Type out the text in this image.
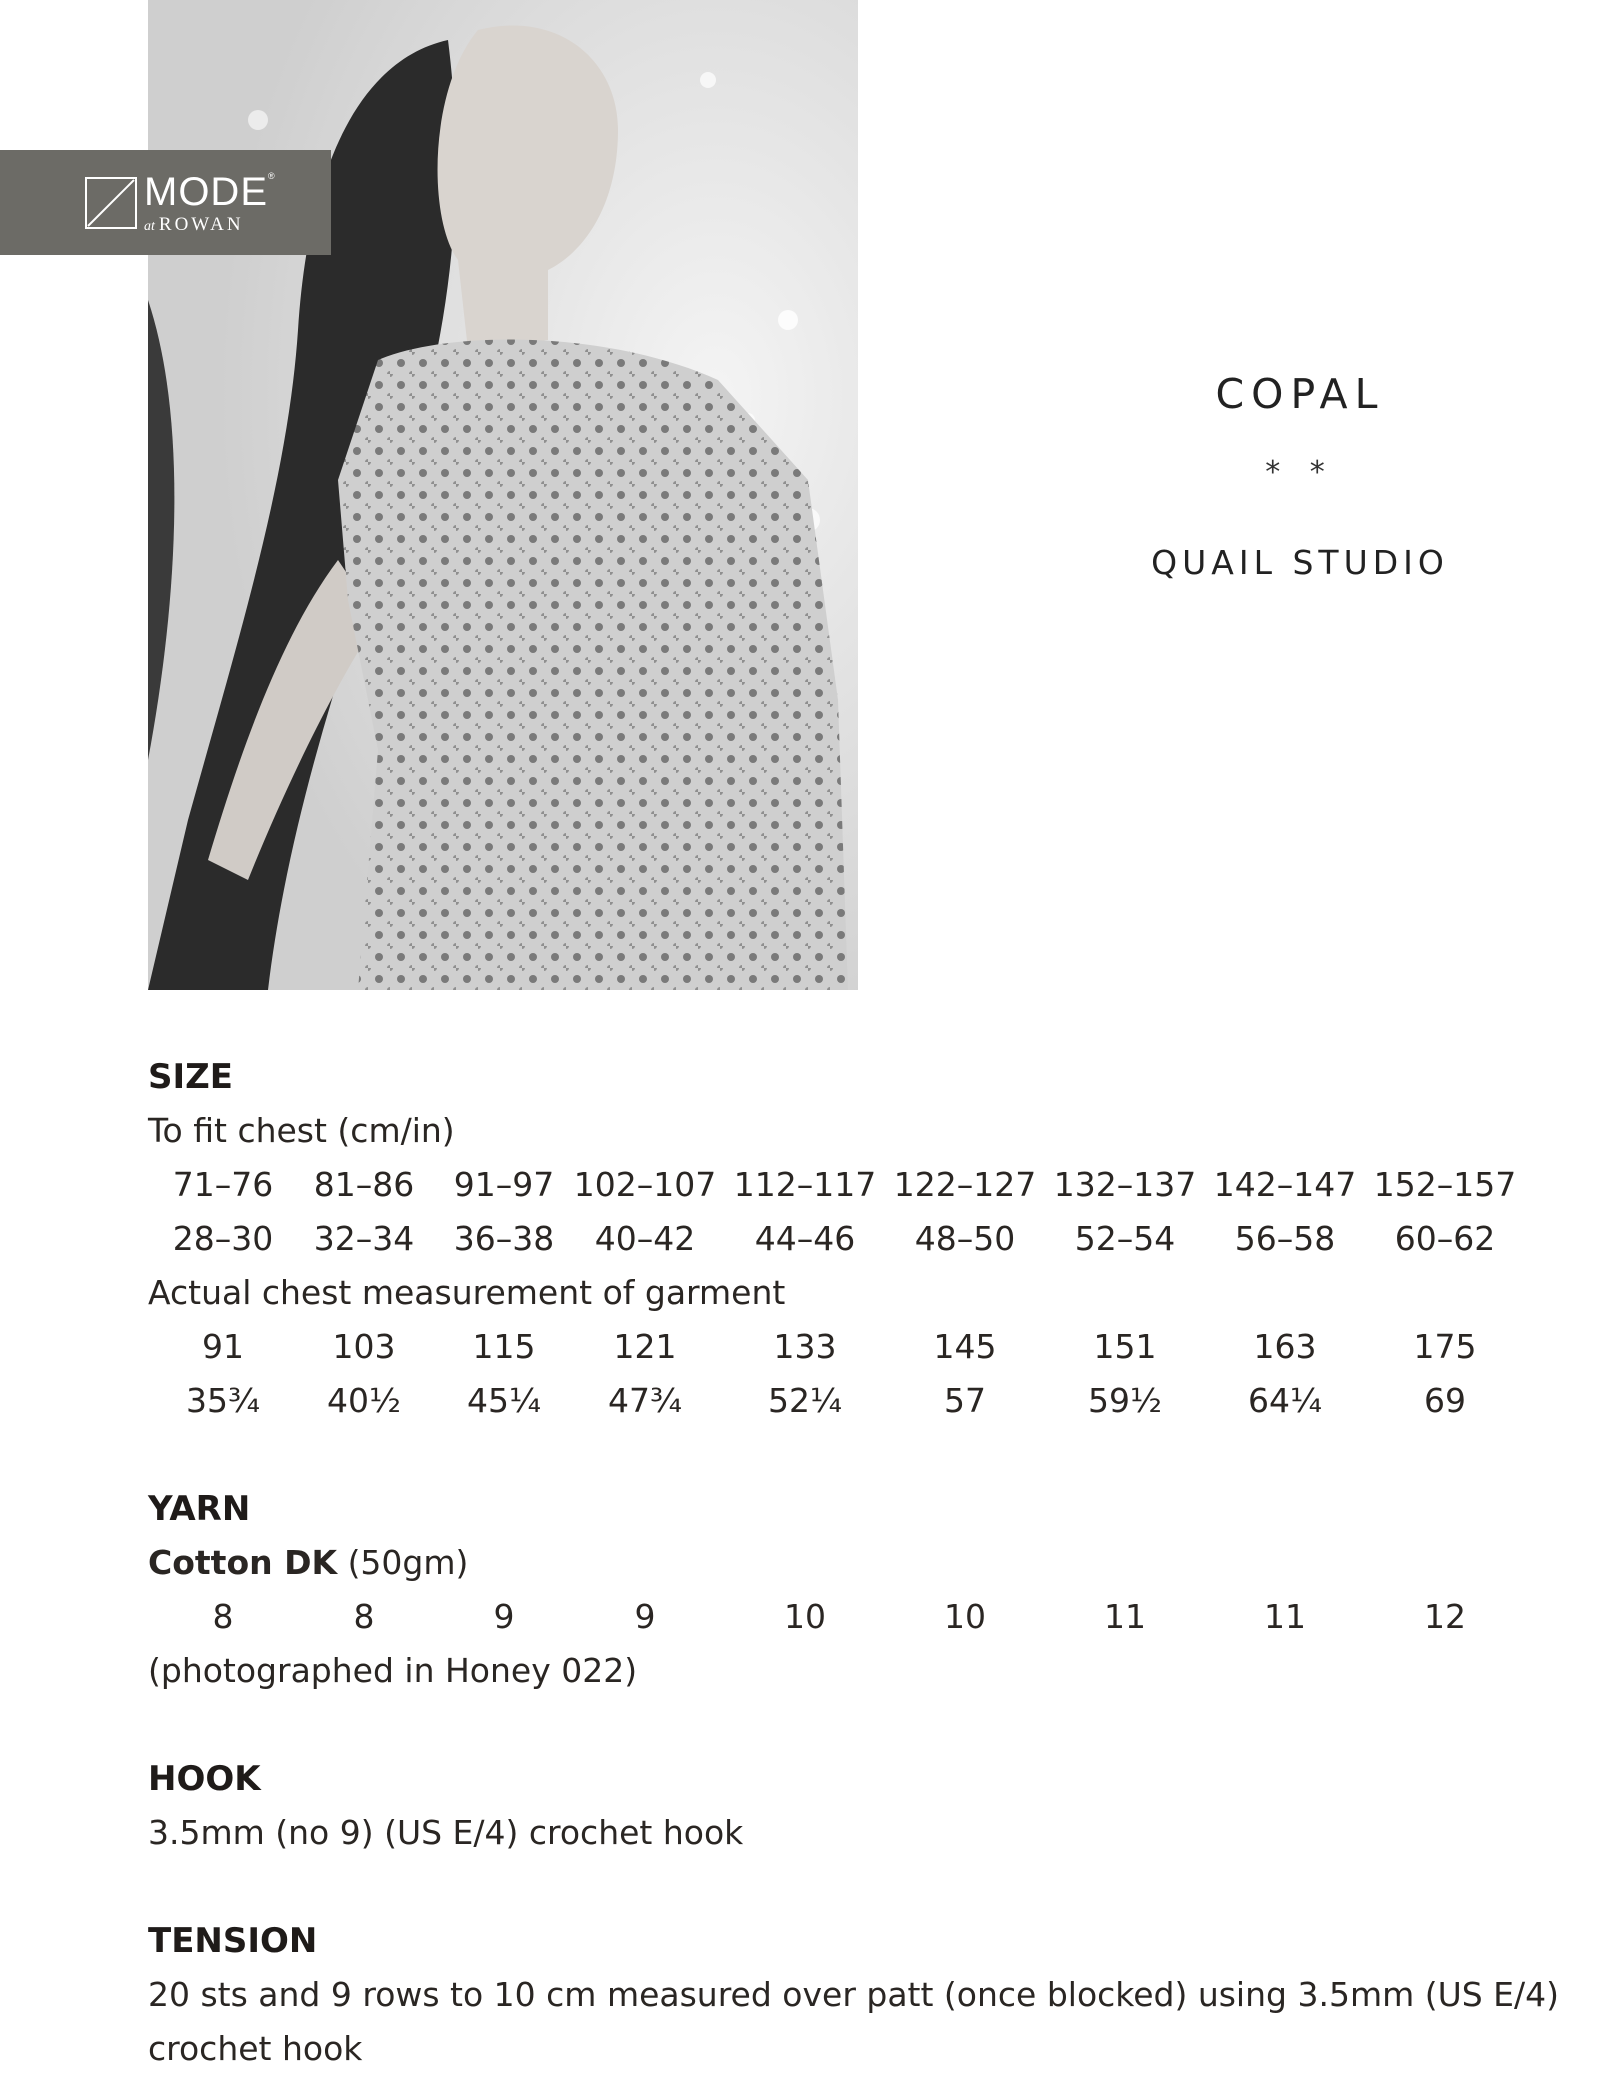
MODE®
at ROWAN
COPAL
* *
QUAIL STUDIO
SIZE
To fit chest (cm/in)
71–76 81–86 91–97 102–107 112–117 122–127 132–137 142–147 152–157
28–30 32–34 36–38 40–42 44–46 48–50 52–54 56–58 60–62
Actual chest measurement of garment
91	103 115 121	133	145	151	163	175
35¾ 40½ 45¼ 47¾	52¼	57	59½	64¼	69
YARN
Cotton DK (50gm)
8	8	9	9	10	10	11	11	12
(photographed in Honey 022)
HOOK
3.5mm (no 9) (US E/4) crochet hook
TENSION
20 sts and 9 rows to 10 cm measured over patt (once blocked) using 3.5mm (US E/4)
crochet hook
